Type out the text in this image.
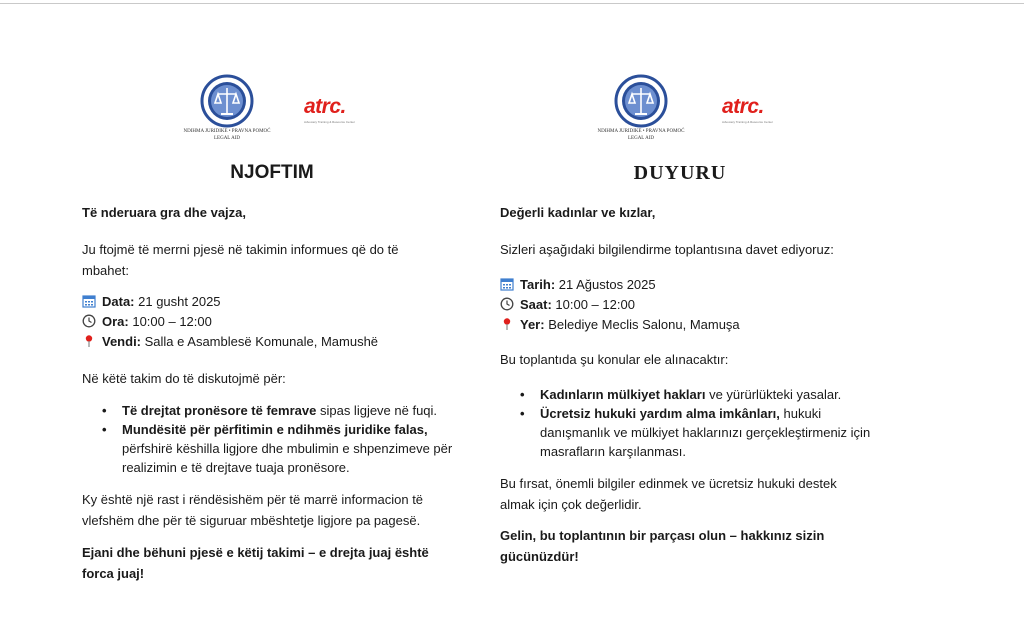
NDIHMA JURIDIKE • PRAVNA POMOĆ
LEGAL AID
atrc.
Advocacy Training & Resource Center
NJOFTIM
Të nderuara gra dhe vajza,
Ju ftojmë të merrni pjesë në takimin informues që do të mbahet:
Data: 21 gusht 2025
Ora: 10:00 – 12:00
Vendi: Salla e Asamblesë Komunale, Mamushë
Në këtë takim do të diskutojmë për:
• Të drejtat pronësore të femrave sipas ligjeve në fuqi.
• Mundësitë për përfitimin e ndihmës juridike falas, përfshirë këshilla ligjore dhe mbulimin e shpenzimeve për realizimin e të drejtave tuaja pronësore.
Ky është një rast i rëndësishëm për të marrë informacion të vlefshëm dhe për të siguruar mbështetje ligjore pa pagesë.
Ejani dhe bëhuni pjesë e këtij takimi – e drejta juaj është forca juaj!
NDIHMA JURIDIKE • PRAVNA POMOĆ
LEGAL AID
atrc.
Advocacy Training & Resource Center
DUYURU
Değerli kadınlar ve kızlar,
Sizleri aşağıdaki bilgilendirme toplantısına davet ediyoruz:
Tarih: 21 Ağustos 2025
Saat: 10:00 – 12:00
Yer: Belediye Meclis Salonu, Mamuşa
Bu toplantıda şu konular ele alınacaktır:
• Kadınların mülkiyet hakları ve yürürlükteki yasalar.
• Ücretsiz hukuki yardım alma imkânları, hukuki danışmanlık ve mülkiyet haklarınızı gerçekleştirmeniz için masrafların karşılanması.
Bu fırsat, önemli bilgiler edinmek ve ücretsiz hukuki destek almak için çok değerlidir.
Gelin, bu toplantının bir parçası olun – hakkınız sizin gücünüzdür!
